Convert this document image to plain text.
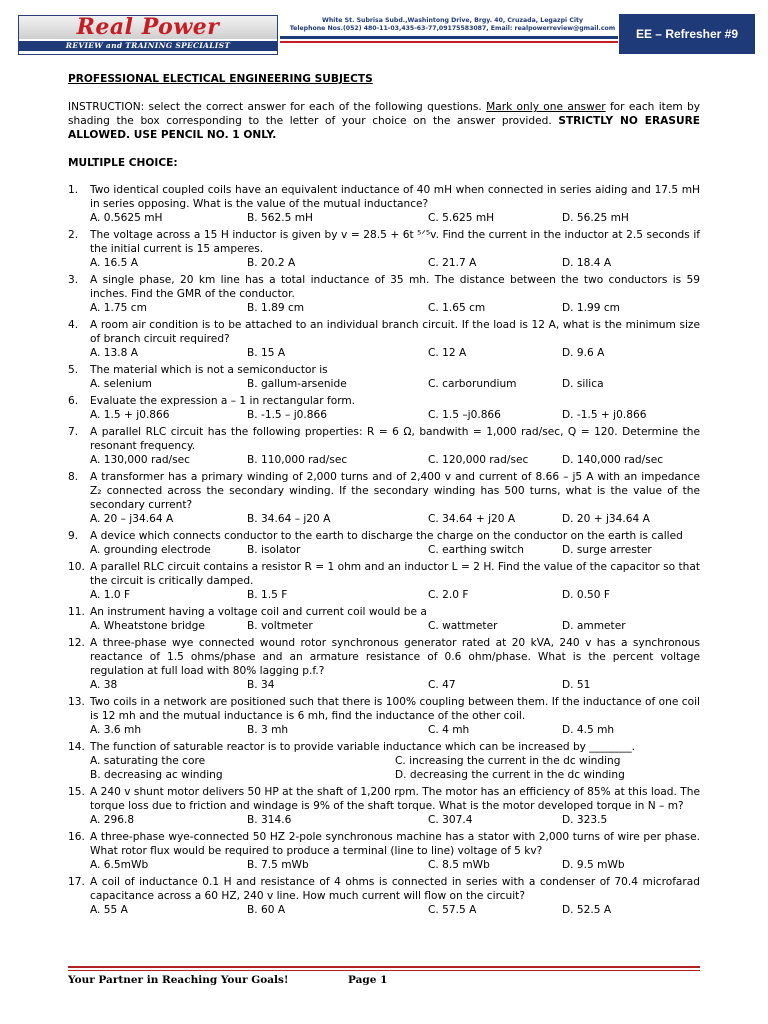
Real Power
REVIEW and TRAINING SPECIALIST
White St. Subrisa Subd.,Washintong Drive, Brgy. 40, Cruzada, Legazpi City
Telephone Nos.(052) 480-11-03,435-63-77,09175583087, Email: realpowerreview@gmail.com	EE – Refresher #9
PROFESSIONAL ELECTICAL ENGINEERING SUBJECTS
INSTRUCTION: select the correct answer for each of the following questions. Mark only one answer for each item by shading the box corresponding to the letter of your choice on the answer provided. STRICTLY NO ERASURE ALLOWED. USE PENCIL NO. 1 ONLY.
MULTIPLE CHOICE:
1.	Two identical coupled coils have an equivalent inductance of 40 mH when connected in series aiding and 17.5 mH in series opposing. What is the value of the mutual inductance?
A. 0.5625 mH	B. 562.5 mH	C. 5.625 mH	D. 56.25 mH
2.	The voltage across a 15 H inductor is given by v = 28.5 + 6t ⁵ᐟ⁵v. Find the current in the inductor at 2.5 seconds if the initial current is 15 amperes.
A. 16.5 A	B. 20.2 A	C. 21.7 A	D. 18.4 A
3.	A single phase, 20 km line has a total inductance of 35 mh. The distance between the two conductors is 59 inches. Find the GMR of the conductor.
A. 1.75 cm	B. 1.89 cm	C. 1.65 cm	D. 1.99 cm
4.	A room air condition is to be attached to an individual branch circuit. If the load is 12 A, what is the minimum size of branch circuit required?
A. 13.8 A	B. 15 A	C. 12 A	D. 9.6 A
5.	The material which is not a semiconductor is
A. selenium	B. gallum-arsenide	C. carborundium	D. silica
6.	Evaluate the expression a – 1 in rectangular form.
A. 1.5 + j0.866	B. -1.5 – j0.866	C. 1.5 –j0.866	D. -1.5 + j0.866
7.	A parallel RLC circuit has the following properties: R = 6 Ω, bandwith = 1,000 rad/sec, Q = 120. Determine the resonant frequency.
A. 130,000 rad/sec	B. 110,000 rad/sec	C. 120,000 rad/sec	D. 140,000 rad/sec
8.	A transformer has a primary winding of 2,000 turns and of 2,400 v and current of 8.66 – j5 A with an impedance Z₂ connected across the secondary winding. If the secondary winding has 500 turns, what is the value of the secondary current?
A. 20 – j34.64 A	B. 34.64 – j20 A	C. 34.64 + j20 A	D. 20 + j34.64 A
9.	A device which connects conductor to the earth to discharge the charge on the conductor on the earth is called
A. grounding electrode	B. isolator	C. earthing switch	D. surge arrester
10. A parallel RLC circuit contains a resistor R = 1 ohm and an inductor L = 2 H. Find the value of the capacitor so that the circuit is critically damped.
A. 1.0 F	B. 1.5 F	C. 2.0 F	D. 0.50 F
11. An instrument having a voltage coil and current coil would be a
A. Wheatstone bridge	B. voltmeter	C. wattmeter	D. ammeter
12. A three-phase wye connected wound rotor synchronous generator rated at 20 kVA, 240 v has a synchronous reactance of 1.5 ohms/phase and an armature resistance of 0.6 ohm/phase. What is the percent voltage regulation at full load with 80% lagging p.f.?
A. 38	B. 34	C. 47	D. 51
13. Two coils in a network are positioned such that there is 100% coupling between them. If the inductance of one coil is 12 mh and the mutual inductance is 6 mh, find the inductance of the other coil.
A. 3.6 mh	B. 3 mh	C. 4 mh	D. 4.5 mh
14. The function of saturable reactor is to provide variable inductance which can be increased by ________.
A. saturating the core	C. increasing the current in the dc winding
B. decreasing ac winding	D. decreasing the current in the dc winding
15. A 240 v shunt motor delivers 50 HP at the shaft of 1,200 rpm. The motor has an efficiency of 85% at this load. The torque loss due to friction and windage is 9% of the shaft torque. What is the motor developed torque in N – m?
A. 296.8	B. 314.6	C. 307.4	D. 323.5
16. A three-phase wye-connected 50 HZ 2-pole synchronous machine has a stator with 2,000 turns of wire per phase. What rotor flux would be required to produce a terminal (line to line) voltage of 5 kv?
A. 6.5mWb	B. 7.5 mWb	C. 8.5 mWb	D. 9.5 mWb
17. A coil of inductance 0.1 H and resistance of 4 ohms is connected in series with a condenser of 70.4 microfarad capacitance across a 60 HZ, 240 v line. How much current will flow on the circuit?
A. 55 A	B. 60 A	C. 57.5 A	D. 52.5 A
Your Partner in Reaching Your Goals!	Page 1
